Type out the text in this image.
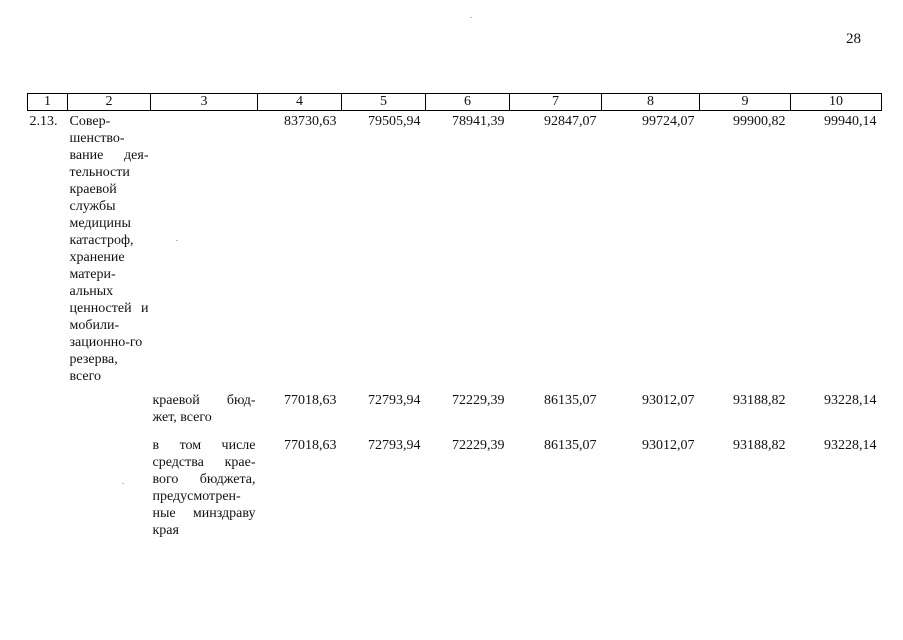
28
1	2	3	4	5	6	7	8	9	10
2.13.	Совер-шенство-вание дея-тельности краевой службы медицины катастроф, хранение матери-альных ценностей и мобили-зационно-го резерва, всего		83730,63	79505,94	78941,39	92847,07	99724,07	99900,82	99940,14
		краевой бюд-жет, всего	77018,63	72793,94	72229,39	86135,07	93012,07	93188,82	93228,14
		в том числе средства крае-вого бюджета, предусмотрен-ные минздраву края	77018,63	72793,94	72229,39	86135,07	93012,07	93188,82	93228,14
